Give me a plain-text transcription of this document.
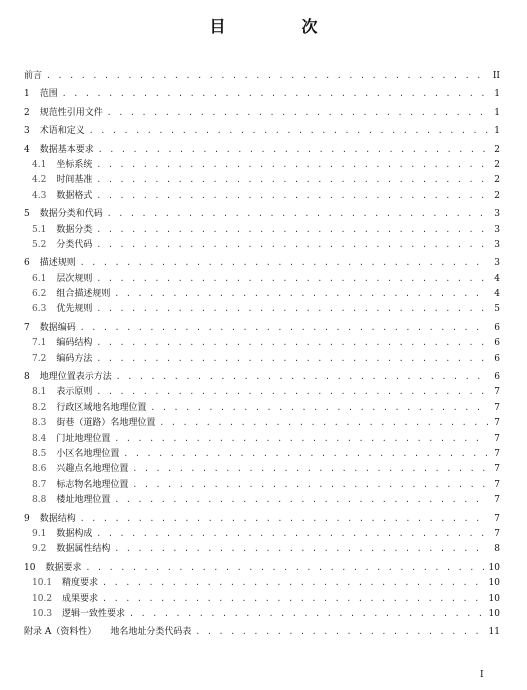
目　次
前言 . . .	II
1	范围 . . .	1
2	规范性引用文件 . . .	1
3	术语和定义 . . .	1
4	数据基本要求 . . .	2
4.1	坐标系统 . . .	2
4.2	时间基准 . . .	2
4.3	数据格式 . . .	2
5	数据分类和代码 . . .	3
5.1	数据分类 . . .	3
5.2	分类代码 . . .	3
6	描述规则 . . .	3
6.1	层次规则 . . .	4
6.2	组合描述规则 . . .	4
6.3	优先规则 . . .	5
7	数据编码 . . .	6
7.1	编码结构 . . .	6
7.2	编码方法 . . .	6
8	地理位置表示方法 . . .	6
8.1	表示原则 . . .	7
8.2	行政区域地名地理位置 . . .	7
8.3	街巷（道路）名地理位置 . . .	7
8.4	门址地理位置 . . .	7
8.5	小区名地理位置 . . .	7
8.6	兴趣点名地理位置 . . .	7
8.7	标志物名地理位置 . . .	7
8.8	楼址地理位置 . . .	7
9	数据结构 . . .	7
9.1	数据构成 . . .	7
9.2	数据属性结构 . . .	8
10	数据要求 . . .	10
10.1	精度要求 . . .	10
10.2	成果要求 . . .	10
10.3	逻辑一致性要求 . . .	10
附录 A（资料性）	地名地址分类代码表 . . .	11
I
